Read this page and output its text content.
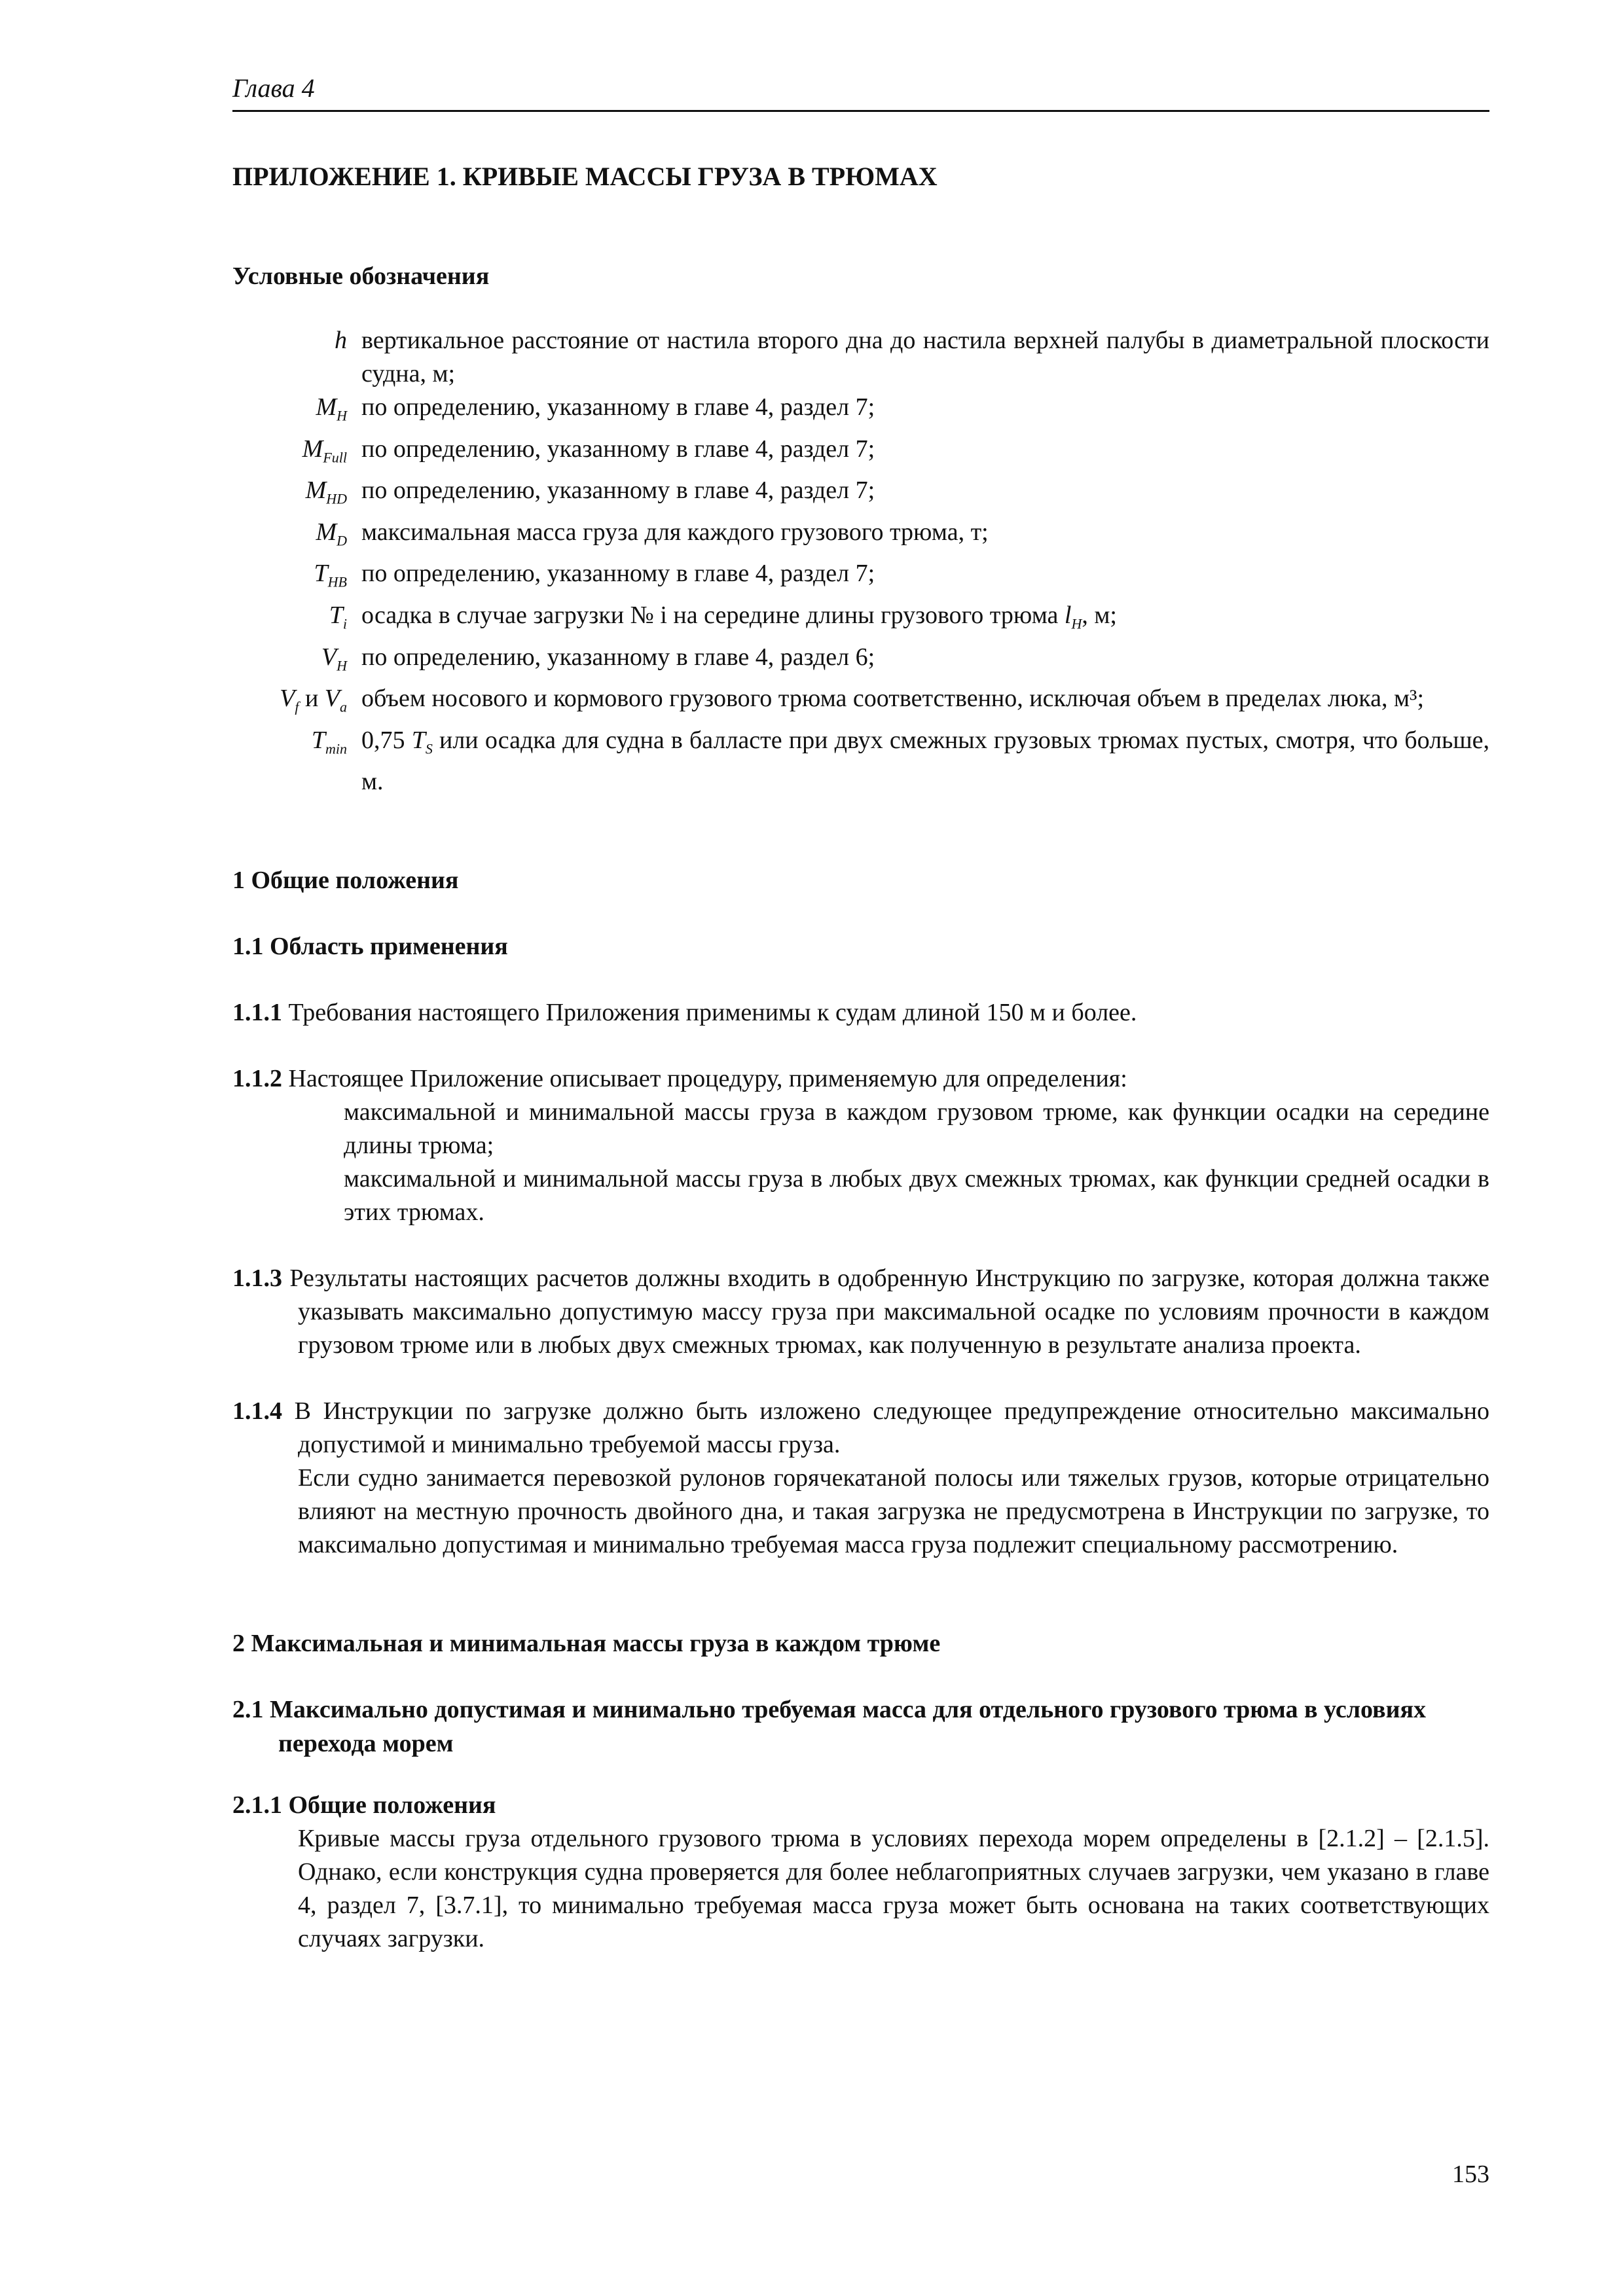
Глава 4
ПРИЛОЖЕНИЕ 1. КРИВЫЕ МАССЫ ГРУЗА В ТРЮМАХ
Условные обозначения
h вертикальное расстояние от настила второго дна до настила верхней палубы в диаметральной плоскости судна, м;
$M_H$ по определению, указанному в главе 4, раздел 7;
$M_{Full}$ по определению, указанному в главе 4, раздел 7;
$M_{HD}$ по определению, указанному в главе 4, раздел 7;
$M_D$ максимальная масса груза для каждого грузового трюма, т;
$T_{HB}$ по определению, указанному в главе 4, раздел 7;
$T_i$ осадка в случае загрузки № i на середине длины грузового трюма $l_H$, м;
$V_H$ по определению, указанному в главе 4, раздел 6;
$V_f$ и $V_a$ объем носового и кормового грузового трюма соответственно, исключая объем в пределах люка, м³;
$T_{min}$ 0,75 $T_S$ или осадка для судна в балласте при двух смежных грузовых трюмах пустых, смотря, что больше, м.
1 Общие положения
1.1 Область применения
1.1.1 Требования настоящего Приложения применимы к судам длиной 150 м и более.
1.1.2 Настоящее Приложение описывает процедуру, применяемую для определения:
максимальной и минимальной массы груза в каждом грузовом трюме, как функции осадки на середине длины трюма;
максимальной и минимальной массы груза в любых двух смежных трюмах, как функции средней осадки в этих трюмах.
1.1.3 Результаты настоящих расчетов должны входить в одобренную Инструкцию по загрузке, которая должна также указывать максимально допустимую массу груза при максимальной осадке по условиям прочности в каждом грузовом трюме или в любых двух смежных трюмах, как полученную в результате анализа проекта.
1.1.4 В Инструкции по загрузке должно быть изложено следующее предупреждение относительно максимально допустимой и минимально требуемой массы груза.
Если судно занимается перевозкой рулонов горячекатаной полосы или тяжелых грузов, которые отрицательно влияют на местную прочность двойного дна, и такая загрузка не предусмотрена в Инструкции по загрузке, то максимально допустимая и минимально требуемая масса груза подлежит специальному рассмотрению.
2 Максимальная и минимальная массы груза в каждом трюме
2.1 Максимально допустимая и минимально требуемая масса для отдельного грузового трюма в условиях перехода морем
2.1.1 Общие положения
Кривые массы груза отдельного грузового трюма в условиях перехода морем определены в [2.1.2] – [2.1.5]. Однако, если конструкция судна проверяется для более неблагоприятных случаев загрузки, чем указано в главе 4, раздел 7, [3.7.1], то минимально требуемая масса груза может быть основана на таких соответствующих случаях загрузки.
153
